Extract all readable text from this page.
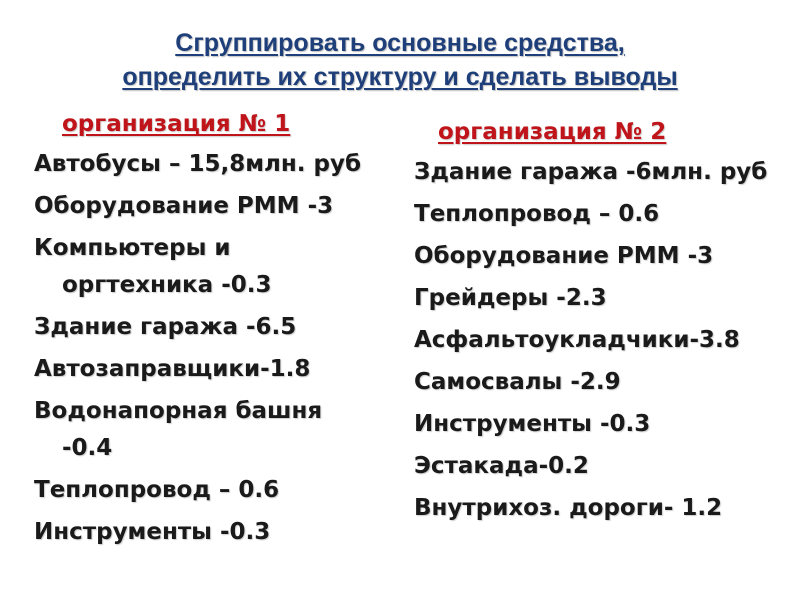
Сгруппировать основные средства,
определить их структуру и сделать выводы
организация № 1
Автобусы – 15,8млн. руб
Оборудование РММ -3
Компьютеры и оргтехника -0.3
Здание гаража -6.5
Автозаправщики-1.8
Водонапорная башня -0.4
Теплопровод – 0.6
Инструменты -0.3
организация № 2
Здание гаража -6млн. руб
Теплопровод – 0.6
Оборудование РММ -3
Грейдеры -2.3
Асфальтоукладчики-3.8
Самосвалы -2.9
Инструменты -0.3
Эстакада-0.2
Внутрихоз. дороги- 1.2
